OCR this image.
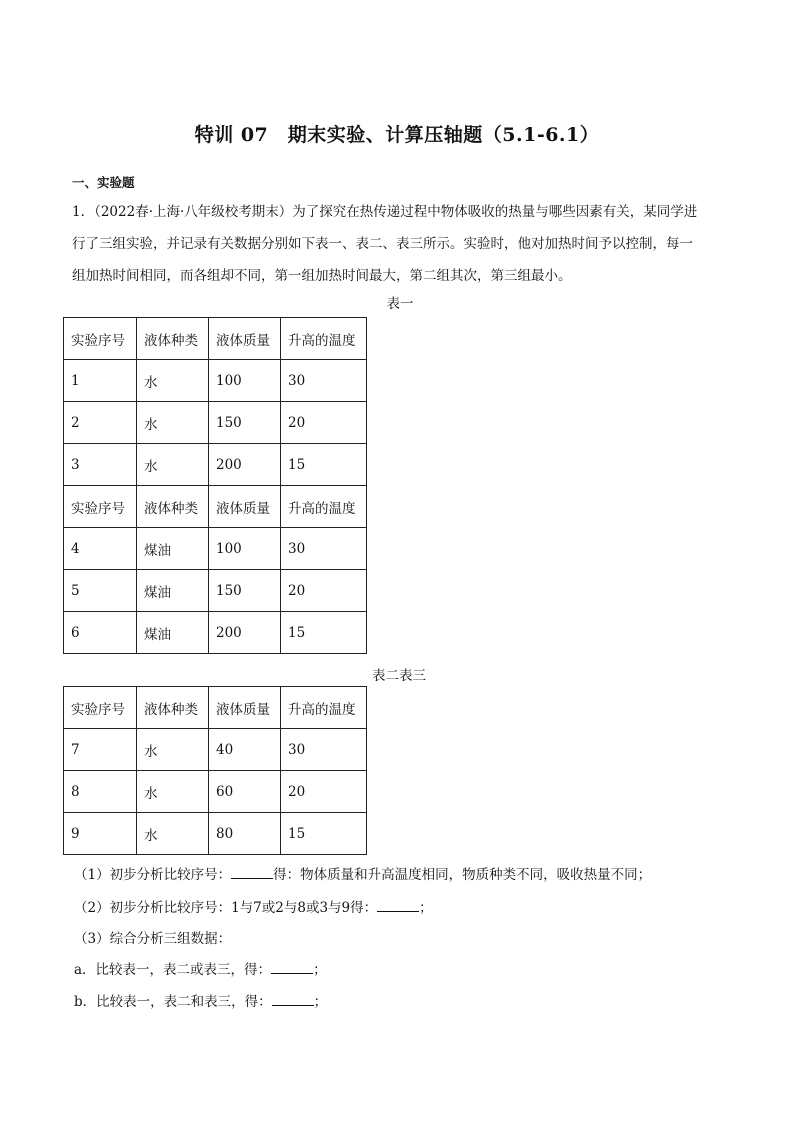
特训 07　期末实验、计算压轴题（5.1-6.1）
一、实验题
1．（2022春·上海·八年级校考期末）为了探究在热传递过程中物体吸收的热量与哪些因素有关，某同学进
行了三组实验，并记录有关数据分别如下表一、表二、表三所示。实验时，他对加热时间予以控制，每一
组加热时间相同，而各组却不同，第一组加热时间最大，第二组其次，第三组最小。
表一
实验序号	液体种类	液体质量	升高的温度
1	水	100	30
2	水	150	20
3	水	200	15
实验序号	液体种类	液体质量	升高的温度
4	煤油	100	30
5	煤油	150	20
6	煤油	200	15
表二表三
实验序号	液体种类	液体质量	升高的温度
7	水	40	30
8	水	60	20
9	水	80	15
（1）初步分析比较序号：	得：物体质量和升高温度相同，物质种类不同，吸收热量不同；
（2）初步分析比较序号：1与7或2与8或3与9得：	；
（3）综合分析三组数据：
a．比较表一，表二或表三，得：	；
b．比较表一，表二和表三，得：	；
